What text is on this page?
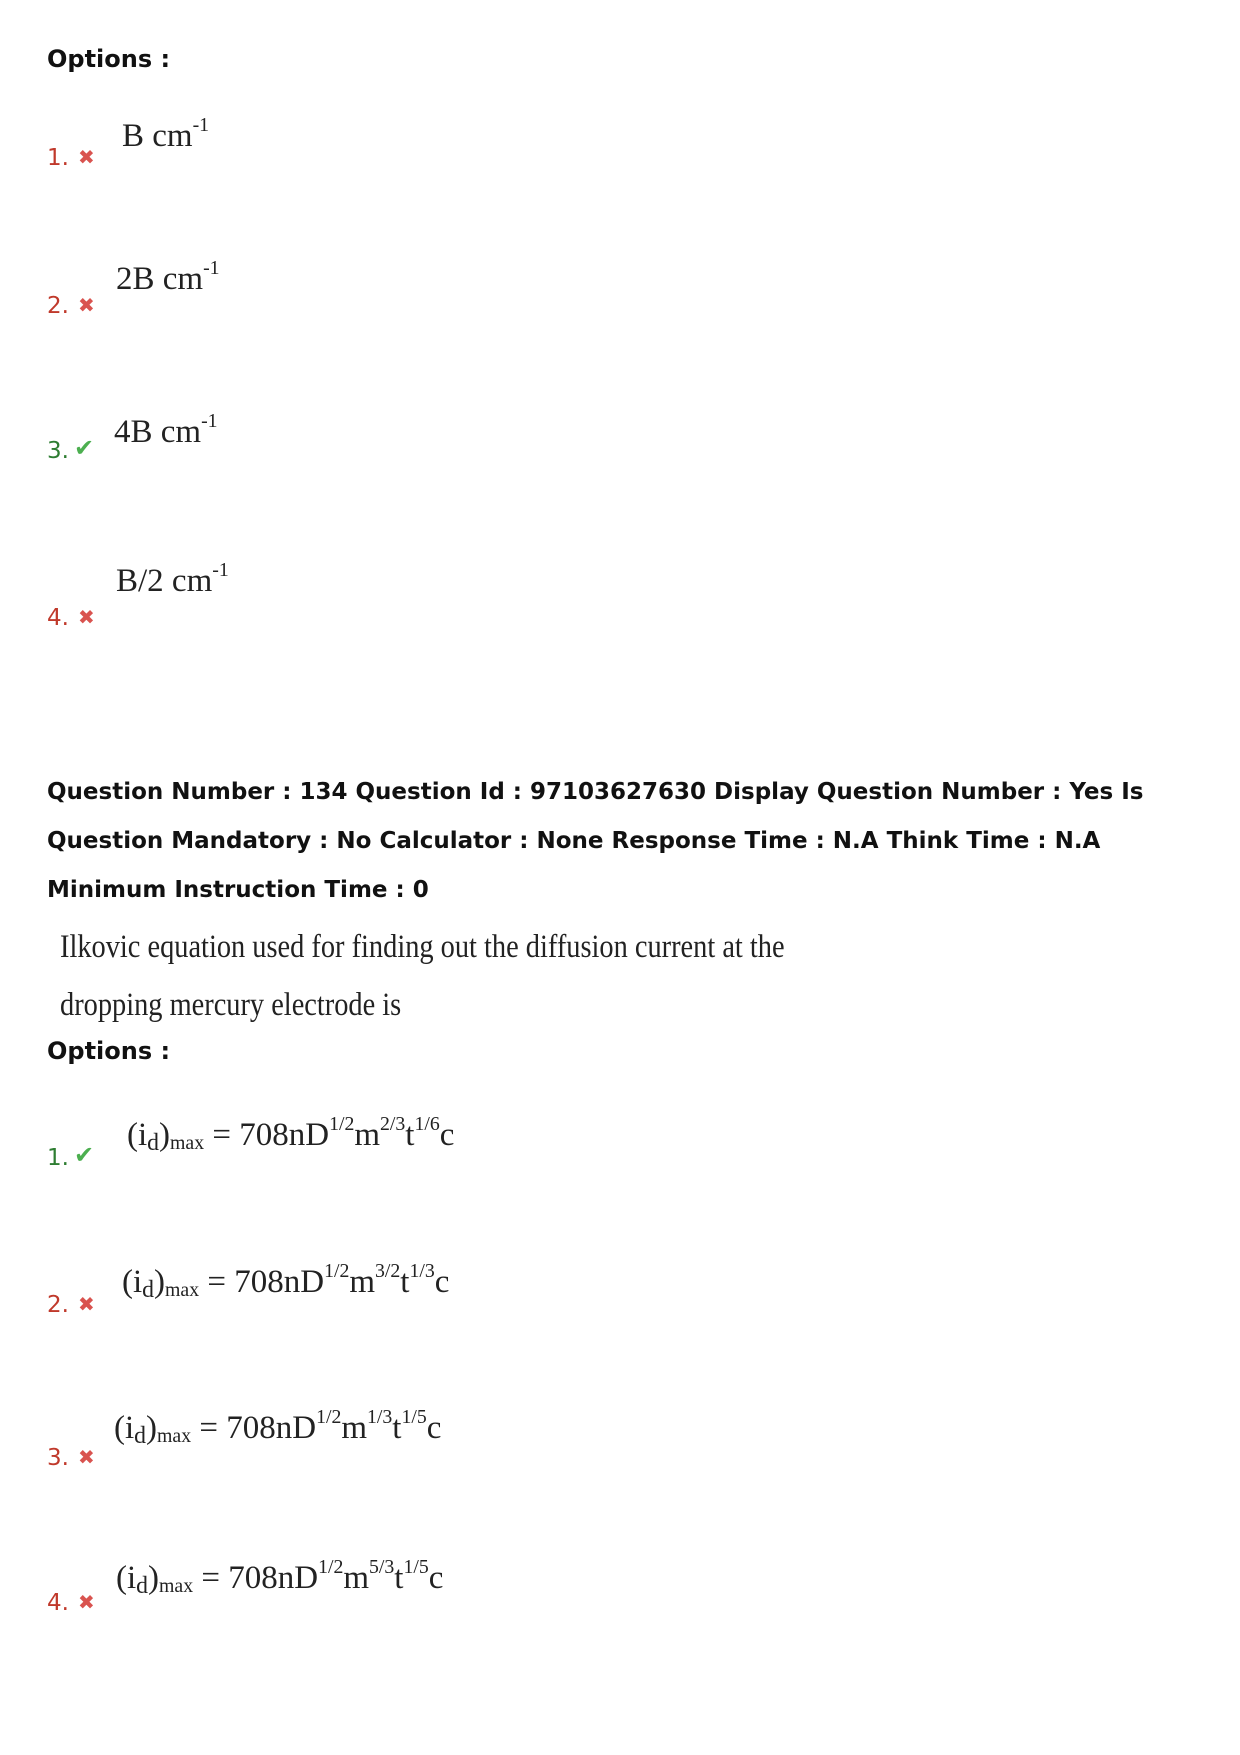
Options :
1. ✖
B $cm^{-1}$
2. ✖
2B $cm^{-1}$
3. ✔ 4B $cm^{-1}$
4. ✖
B/2 $cm^{-1}$

Question Number : 134 Question Id : 97103627630 Display Question Number : Yes Is Question Mandatory : No Calculator : None Response Time : N.A Think Time : N.A Minimum Instruction Time : 0

Ilkovic equation used for finding out the diffusion current at the dropping mercury electrode is

Options :
1. ✔
$(i_d)_{max} = 708nD^{1/2}m^{2/3}t^{1/6}c$
2. ✖
$(i_d)_{max} = 708nD^{1/2}m^{3/2}t^{1/3}c$
3. ✖
$(i_d)_{max} = 708nD^{1/2}m^{1/3}t^{1/5}c$
4. ✖
$(i_d)_{max} = 708nD^{1/2}m^{5/3}t^{1/5}c$
